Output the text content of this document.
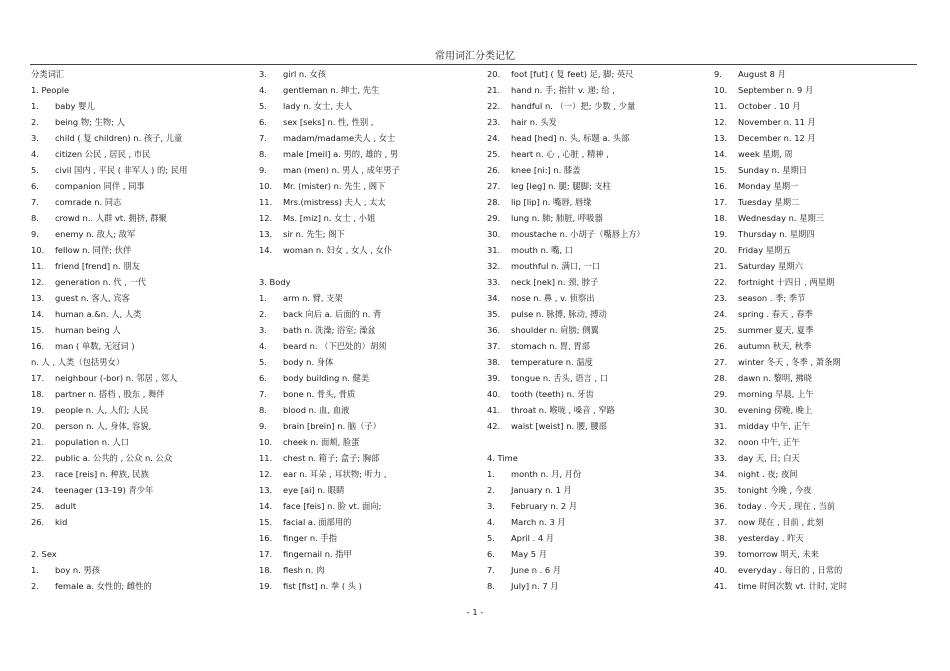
常用词汇分类记忆
分类词汇
1. People
1. baby 婴儿
2. being 物; 生物; 人
3. child ( 复 children) n. 孩子, 儿童
4. citizen 公民 , 居民 , 市民
5. civil 国内 , 平民 ( 非军人 ) 的; 民用
6. companion 同伴 , 同事
7. comrade n. 同志
8. crowd n.. 人群 vt. 拥挤, 群聚
9. enemy n. 敌人; 敌军
10. fellow n. 同伴; 伙伴
11. friend [frend] n. 朋友
12. generation n. 代 , 一代
13. guest n. 客人, 宾客
14. human a.&n. 人, 人类
15. human being 人
16. man ( 单数, 无冠词 )
n. 人 , 人类（包括男女）
17. neighbour (-bor) n. 邻居 , 邻人
18. partner n. 搭档 , 股东 , 舞伴
19. people n. 人, 人们; 人民
20. person n. 人, 身体, 容貌,
21. population n. 人口
22. public a. 公共的 , 公众 n. 公众
23. race [reis] n. 种族, 民族
24. teenager (13-19) 青少年
25. adult
26. kid
2. Sex
1. boy n. 男孩
2. female a. 女性的; 雌性的
3. girl n. 女孩
4. gentleman n. 绅士, 先生
5. lady n. 女士, 夫人
6. sex [seks] n. 性, 性别 ,
7. madam/madame夫人 , 女士
8. male [meil] a. 男的, 雄的 , 男
9. man (men) n. 男人 , 成年男子
10. Mr. (mister) n. 先生 , 阁下
11. Mrs.(mistress) 夫人 , 太太
12. Ms. [miz] n. 女士 , 小姐
13. sir n. 先生; 阁下
14. woman n. 妇女 , 女人 , 女仆
3. Body
1. arm n. 臂, 支架
2. back 向后 a. 后面的 n. 背
3. bath n. 洗澡; 浴室; 澡盆
4. beard n. （下巴处的）胡须
5. body n. 身体
6. body building n. 健美
7. bone n. 骨头, 骨质
8. blood n. 血, 血液
9. brain [brein] n. 脑（子）
10. cheek n. 面颊, 脸蛋
11. chest n. 箱子; 盒子; 胸部
12. ear n. 耳朵 , 耳状物; 听力 ,
13. eye [ai] n. 眼睛
14. face [feis] n. 脸 vt. 面向;
15. facial a. 面部用的
16. finger n. 手指
17. fingernail n. 指甲
18. flesh n. 肉
19. fist [fist] n. 拳 ( 头 )
20. foot [fut] ( 复 feet) 足, 脚; 英尺
21. hand n. 手; 指针 v. 递; 给 ,
22. handful n. （一）把; 少数 , 少量
23. hair n. 头发
24. head [hed] n. 头, 标题 a. 头部
25. heart n. 心 , 心脏 , 精神 ,
26. knee [ni:] n. 膝盖
27. leg [leg] n. 腿; 腿脚; 支柱
28. lip [lip] n. 嘴唇, 唇缘
29. lung n. 肺; 肺脏, 呼吸器
30. moustache n. 小胡子（嘴唇上方）
31. mouth n. 嘴, 口
32. mouthful n. 满口, 一口
33. neck [nek] n. 颈, 脖子
34. nose n. 鼻 , v. 侦察出
35. pulse n. 脉搏, 脉动, 搏动
36. shoulder n. 肩膀; 侧翼
37. stomach n. 胃, 胃部
38. temperature n. 温度
39. tongue n. 舌头, 语言 , 口
40. tooth (teeth) n. 牙齿
41. throat n. 喉咙 , 嗓音 , 窄路
42. waist [weist] n. 腰, 腰部
4. Time
1. month n. 月, 月份
2. January n. 1 月
3. February n. 2 月
4. March n. 3 月
5. April . 4 月
6. May 5 月
7. June n . 6 月
8. July] n. 7 月
9. August 8 月
10. September n. 9 月
11. October . 10 月
12. November n. 11 月
13. December n. 12 月
14. week 星期, 周
15. Sunday n. 星期日
16. Monday 星期一
17. Tuesday 星期二
18. Wednesday n. 星期三
19. Thursday n. 星期四
20. Friday 星期五
21. Saturday 星期六
22. fortnight 十四日 , 两星期
23. season . 季; 季节
24. spring . 春天 , 春季
25. summer 夏天, 夏季
26. autumn 秋天, 秋季
27. winter 冬天 , 冬季 , 萧条期
28. dawn n. 黎明, 拂晓
29. morning 早晨, 上午
30. evening 傍晚, 晚上
31. midday 中午, 正午
32. noon 中午, 正午
33. day 天, 日; 白天
34. night . 夜; 夜间
35. tonight 今晚 , 今夜
36. today . 今天 , 现在 , 当前
37. now 现在 , 目前 , 此刻
38. yesterday . 昨天
39. tomorrow 明天, 未来
40. everyday . 每日的 , 日常的
41. time 时间次数 vt. 计时, 定时
- 1 -
